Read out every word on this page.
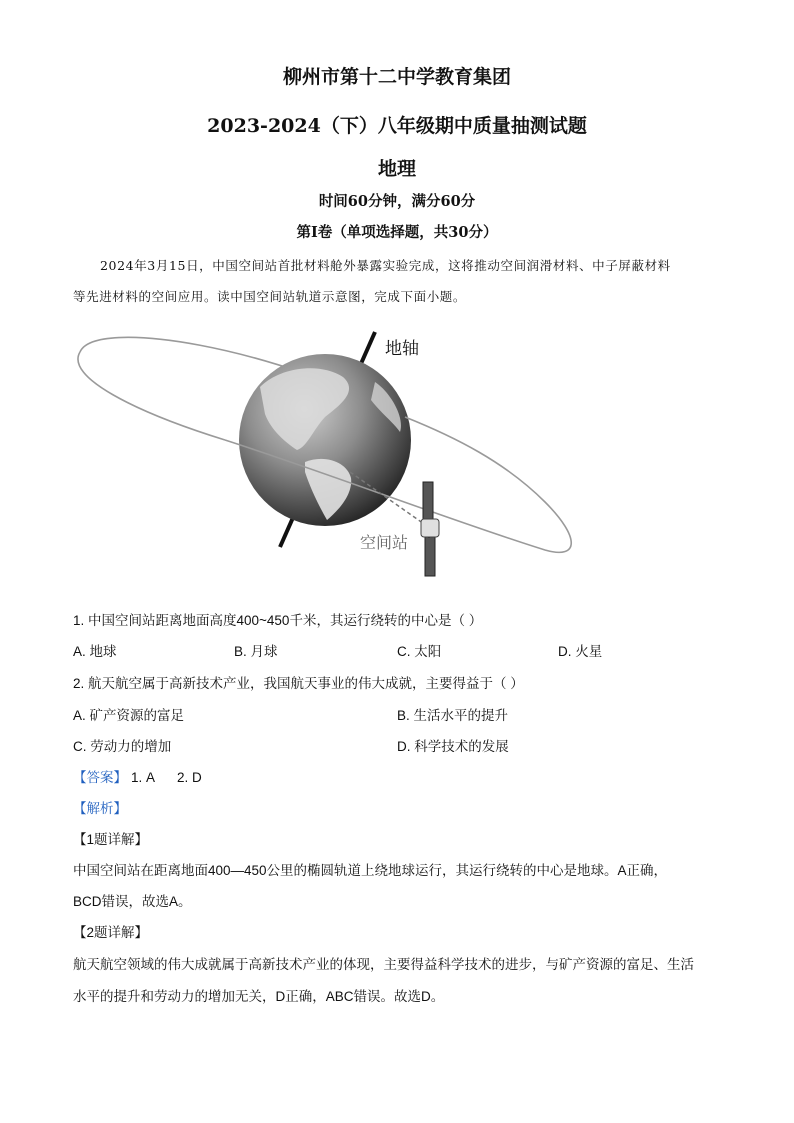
柳州市第十二中学教育集团
2023-2024（下）八年级期中质量抽测试题
地理
时间60分钟，满分60分
第Ⅰ卷（单项选择题，共30分）
2024年3月15日，中国空间站首批材料舱外暴露实验完成，这将推动空间润滑材料、中子屏蔽材料
等先进材料的空间应用。读中国空间站轨道示意图，完成下面小题。
地轴
空间站
1. 中国空间站距离地面高度400~450千米，其运行绕转的中心是（ ）
A. 地球	B. 月球	C. 太阳	D. 火星
2. 航天航空属于高新技术产业，我国航天事业的伟大成就，主要得益于（ ）
A. 矿产资源的富足	B. 生活水平的提升
C. 劳动力的增加	D. 科学技术的发展
【答案】 1. A 2. D
【解析】
【1题详解】
中国空间站在距离地面400—450公里的椭圆轨道上绕地球运行，其运行绕转的中心是地球。A正确，
BCD错误，故选A。
【2题详解】
航天航空领域的伟大成就属于高新技术产业的体现，主要得益科学技术的进步，与矿产资源的富足、生活
水平的提升和劳动力的增加无关，D正确，ABC错误。故选D。
